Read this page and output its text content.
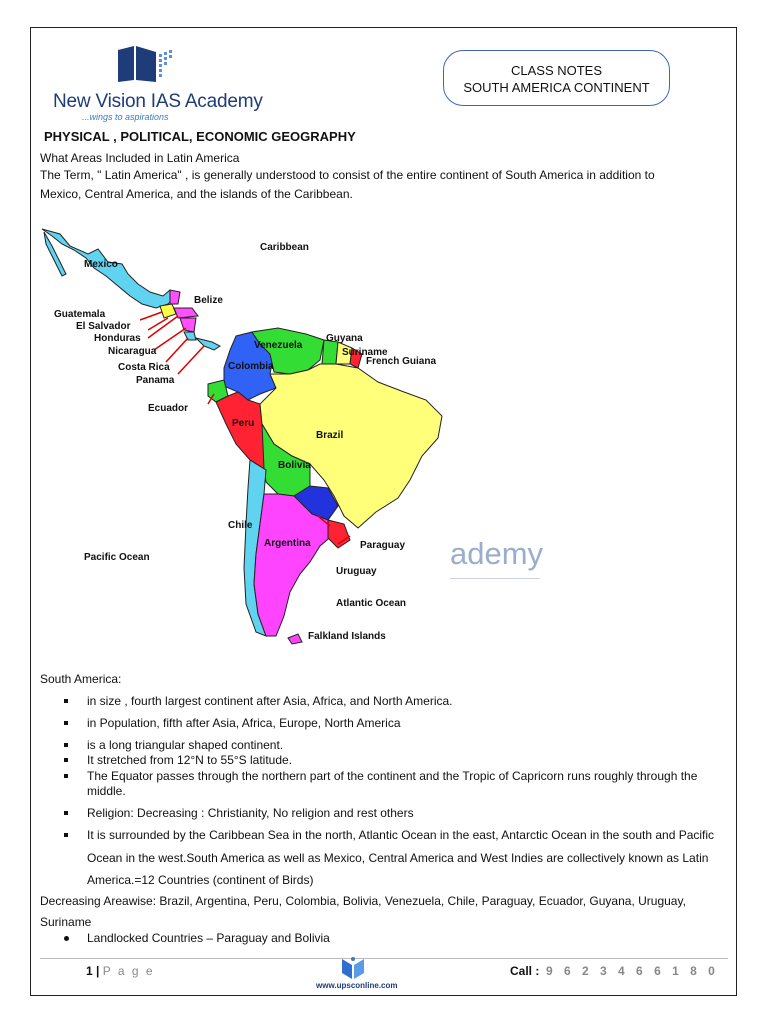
New Vision IAS Academy
...wings to aspirations
CLASS NOTES
SOUTH AMERICA CONTINENT
PHYSICAL , POLITICAL, ECONOMIC GEOGRAPHY
What Areas Included in Latin America
The Term, " Latin America" , is generally understood to consist of the entire continent of South America in addition to
Mexico, Central America, and the islands of the Caribbean.
Caribbean
Mexico
Belize
Guatemala
El Salvador
Honduras
Nicaragua
Costa Rica
Panama
Ecuador
Guyana
Suriname
French Guiana
Venezuela
Colombia
Peru
Brazil
Bolivia
Chile
Argentina	Paraguay
Uruguay
Pacific Ocean
Atlantic Ocean
Falkland Islands
ademy
South America:
in size , fourth largest continent after Asia, Africa, and North America.
in Population, fifth after Asia, Africa, Europe, North America
is a long triangular shaped continent.
It stretched from 12°N to 55°S latitude.
The Equator passes through the northern part of the continent and the Tropic of Capricorn runs roughly through the
middle.
Religion: Decreasing : Christianity, No religion and rest others
It is surrounded by the Caribbean Sea in the north, Atlantic Ocean in the east, Antarctic Ocean in the south and Pacific
Ocean in the west.South America as well as Mexico, Central America and West Indies are collectively known as Latin
America.=12 Countries (continent of Birds)
Decreasing Areawise: Brazil, Argentina, Peru, Colombia, Bolivia, Venezuela, Chile, Paraguay, Ecuador, Guyana, Uruguay,
Suriname
Landlocked Countries – Paraguay and Bolivia
1 | P a g e
www.upsconline.com
Call : 9 6 2 3 4 6 6 1 8 0
